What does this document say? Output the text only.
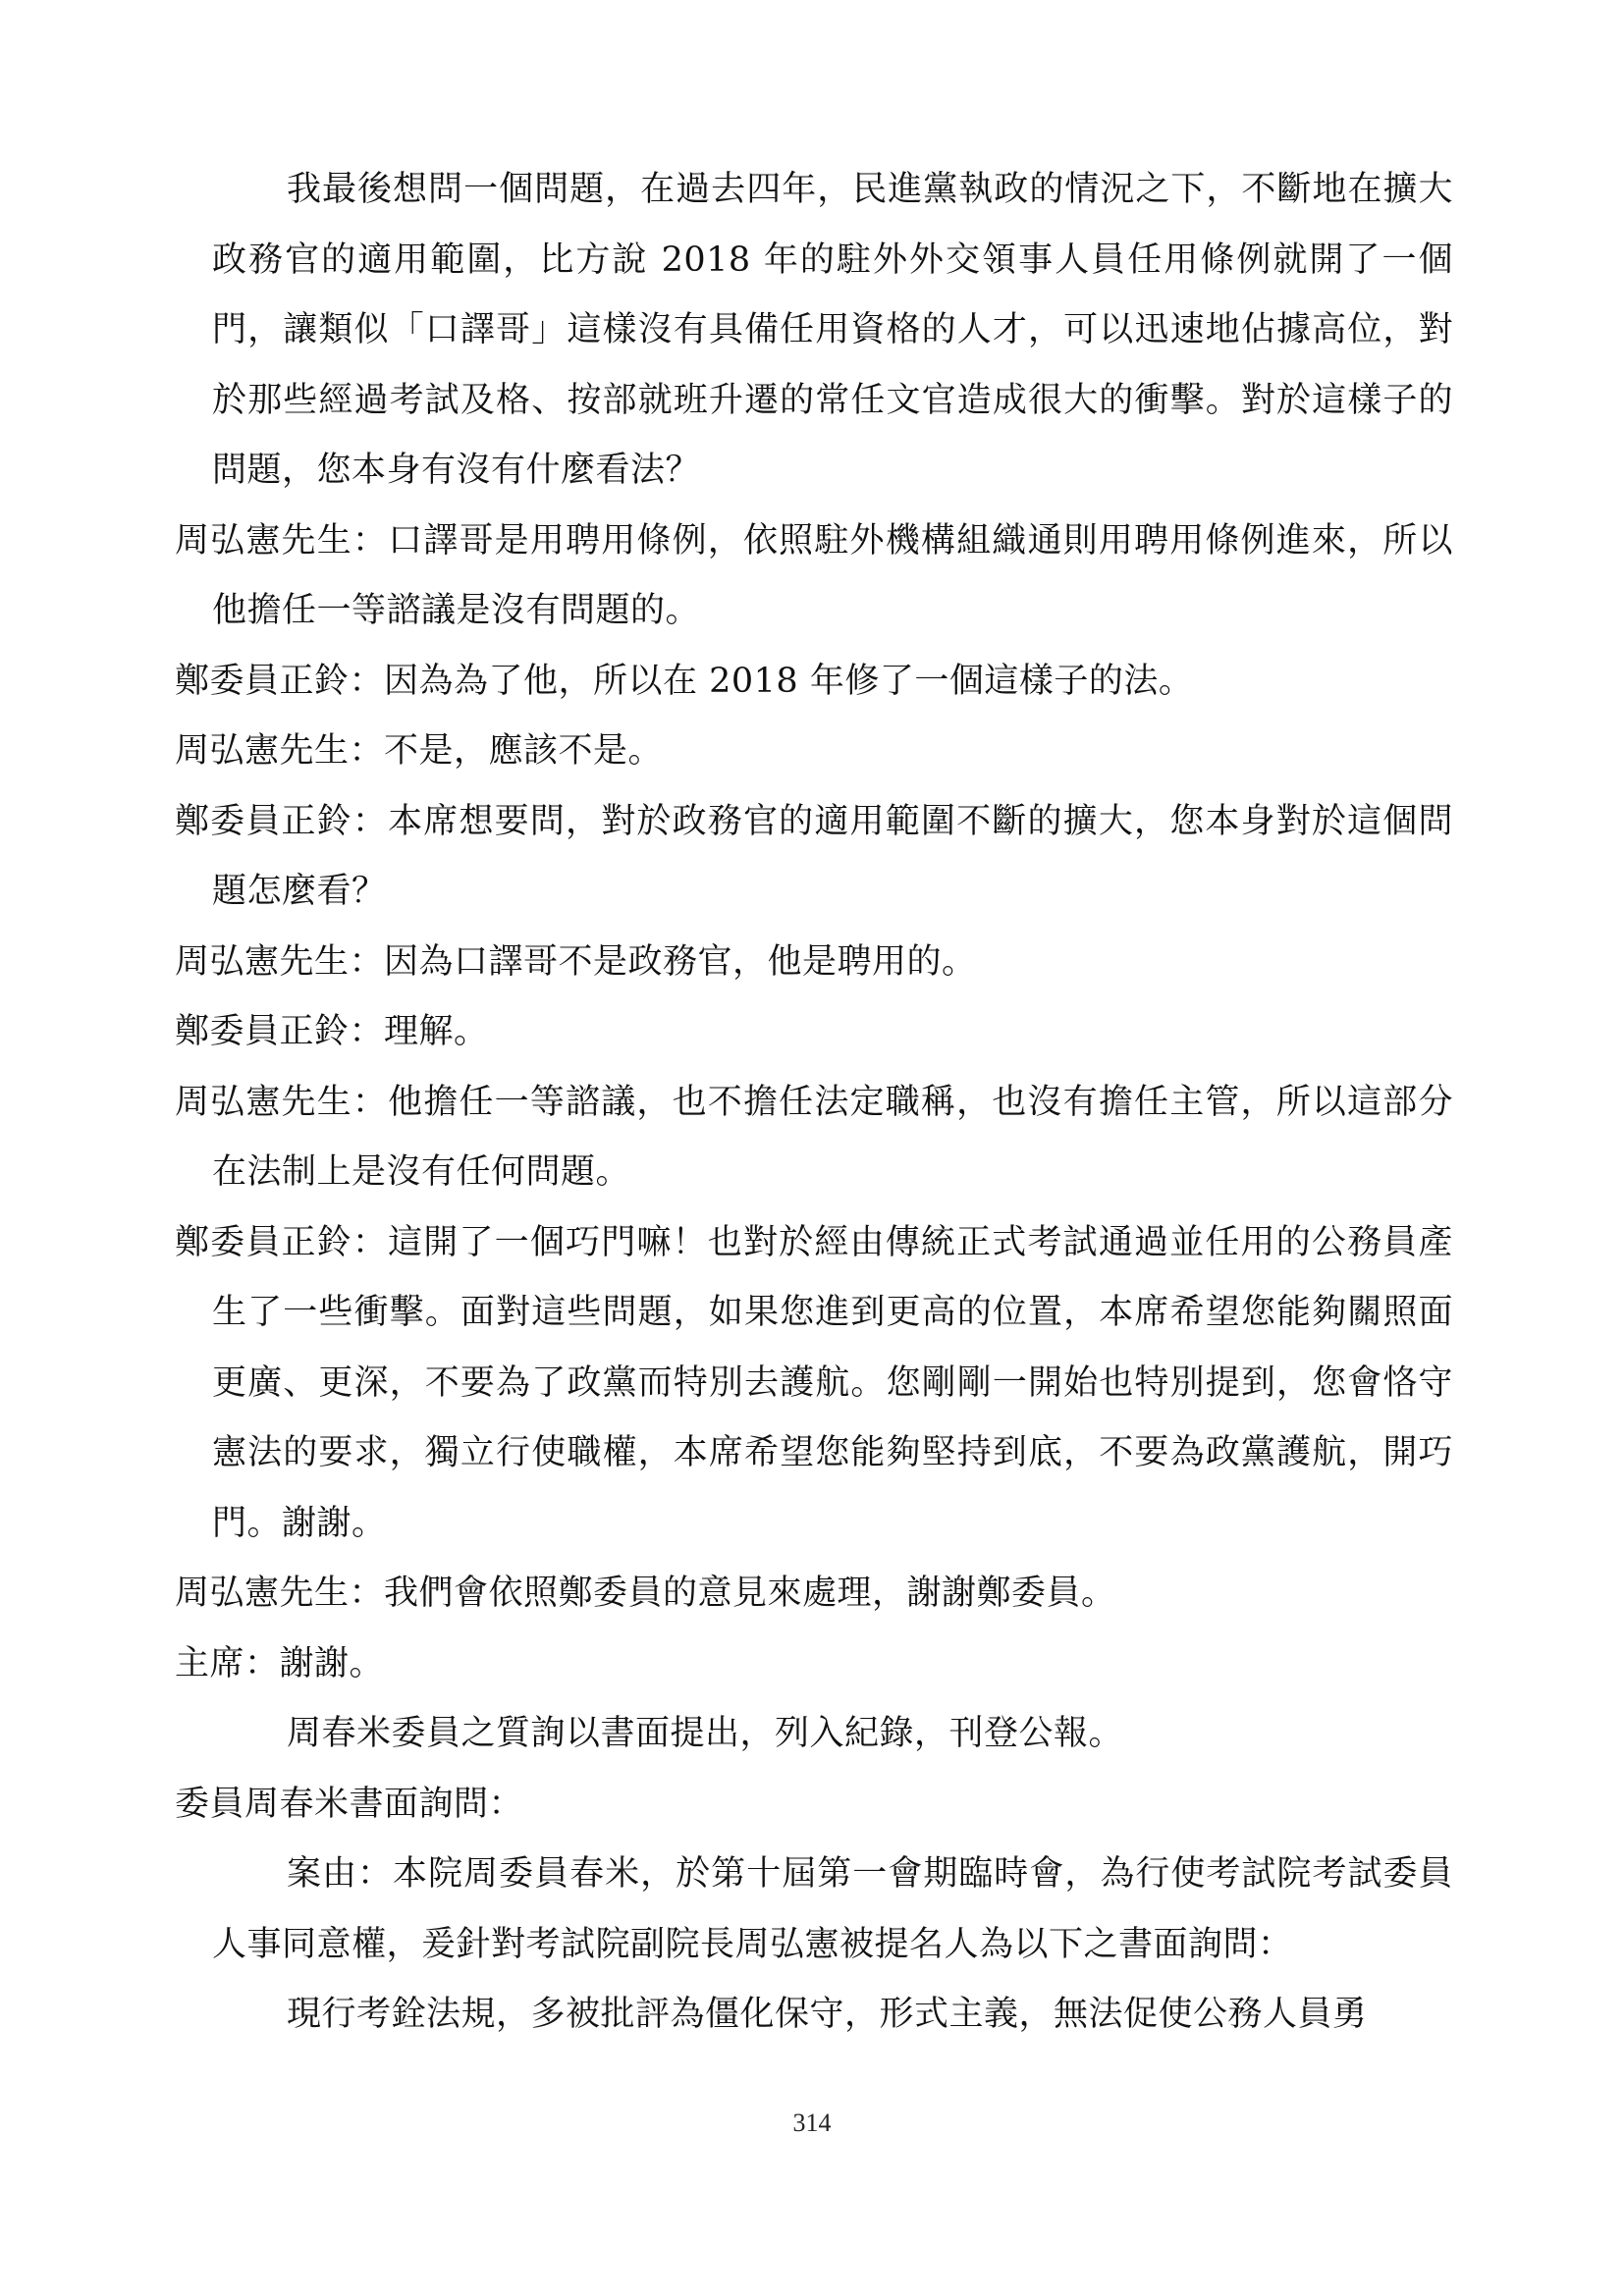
我最後想問一個問題，在過去四年，民進黨執政的情況之下，不斷地在擴大政務官的適用範圍，比方說 2018 年的駐外外交領事人員任用條例就開了一個門，讓類似「口譯哥」這樣沒有具備任用資格的人才，可以迅速地佔據高位，對於那些經過考試及格、按部就班升遷的常任文官造成很大的衝擊。對於這樣子的問題，您本身有沒有什麼看法？

周弘憲先生：口譯哥是用聘用條例，依照駐外機構組織通則用聘用條例進來，所以他擔任一等諮議是沒有問題的。

鄭委員正鈴：因為為了他，所以在 2018 年修了一個這樣子的法。

周弘憲先生：不是，應該不是。

鄭委員正鈴：本席想要問，對於政務官的適用範圍不斷的擴大，您本身對於這個問題怎麼看？

周弘憲先生：因為口譯哥不是政務官，他是聘用的。

鄭委員正鈴：理解。

周弘憲先生：他擔任一等諮議，也不擔任法定職稱，也沒有擔任主管，所以這部分在法制上是沒有任何問題。

鄭委員正鈴：這開了一個巧門嘛！也對於經由傳統正式考試通過並任用的公務員產生了一些衝擊。面對這些問題，如果您進到更高的位置，本席希望您能夠關照面更廣、更深，不要為了政黨而特別去護航。您剛剛一開始也特別提到，您會恪守憲法的要求，獨立行使職權，本席希望您能夠堅持到底，不要為政黨護航，開巧門。謝謝。

周弘憲先生：我們會依照鄭委員的意見來處理，謝謝鄭委員。

主席：謝謝。

周春米委員之質詢以書面提出，列入紀錄，刊登公報。

委員周春米書面詢問：

案由：本院周委員春米，於第十屆第一會期臨時會，為行使考試院考試委員人事同意權，爰針對考試院副院長周弘憲被提名人為以下之書面詢問：

現行考銓法規，多被批評為僵化保守，形式主義，無法促使公務人員勇

314
